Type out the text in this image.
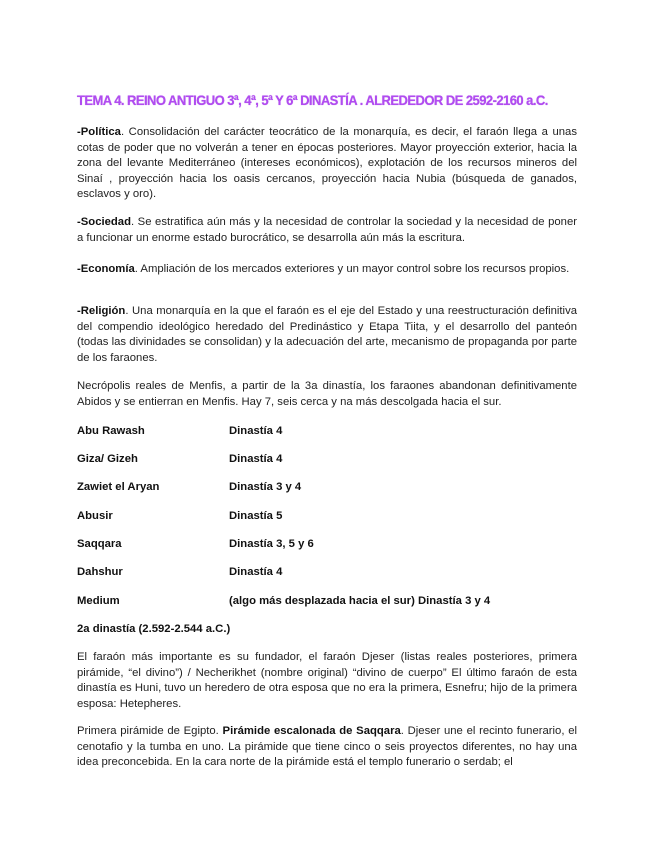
TEMA 4. REINO ANTIGUO 3ª, 4ª, 5ª Y 6ª DINASTÍA . ALREDEDOR DE 2592-2160 a.C.

-Política. Consolidación del carácter teocrático de la monarquía, es decir, el faraón llega a unas cotas de poder que no volverán a tener en épocas posteriores. Mayor proyección exterior, hacia la zona del levante Mediterráneo (intereses económicos), explotación de los recursos mineros del Sinaí , proyección hacia los oasis cercanos, proyección hacia Nubia (búsqueda de ganados, esclavos y oro).

-Sociedad. Se estratifica aún más y la necesidad de controlar la sociedad y la necesidad de poner a funcionar un enorme estado burocrático, se desarrolla aún más la escritura.

-Economía. Ampliación de los mercados exteriores y un mayor control sobre los recursos propios.

-Religión. Una monarquía en la que el faraón es el eje del Estado y una reestructuración definitiva del compendio ideológico heredado del Predinástico y Etapa Tiita, y el desarrollo del panteón (todas las divinidades se consolidan) y la adecuación del arte, mecanismo de propaganda por parte de los faraones.

Necrópolis reales de Menfis, a partir de la 3a dinastía, los faraones abandonan definitivamente Abidos y se entierran en Menfis. Hay 7, seis cerca y na más descolgada hacia el sur.

Abu Rawash	Dinastía 4
Giza/ Gizeh	Dinastía 4
Zawiet el Aryan	Dinastía 3 y 4
Abusir	Dinastía 5
Saqqara	Dinastía 3, 5 y 6
Dahshur	Dinastía 4
Medium	(algo más desplazada hacia el sur) Dinastía 3 y 4
2a dinastía (2.592-2.544 a.C.)

El faraón más importante es su fundador, el faraón Djeser (listas reales posteriores, primera pirámide, “el divino”) / Necherikhet (nombre original) “divino de cuerpo” El último faraón de esta dinastía es Huni, tuvo un heredero de otra esposa que no era la primera, Esnefru; hijo de la primera esposa: Hetepheres.

Primera pirámide de Egipto. Pirámide escalonada de Saqqara. Djeser une el recinto funerario, el cenotafio y la tumba en uno. La pirámide que tiene cinco o seis proyectos diferentes, no hay una idea preconcebida. En la cara norte de la pirámide está el templo funerario o serdab; el
